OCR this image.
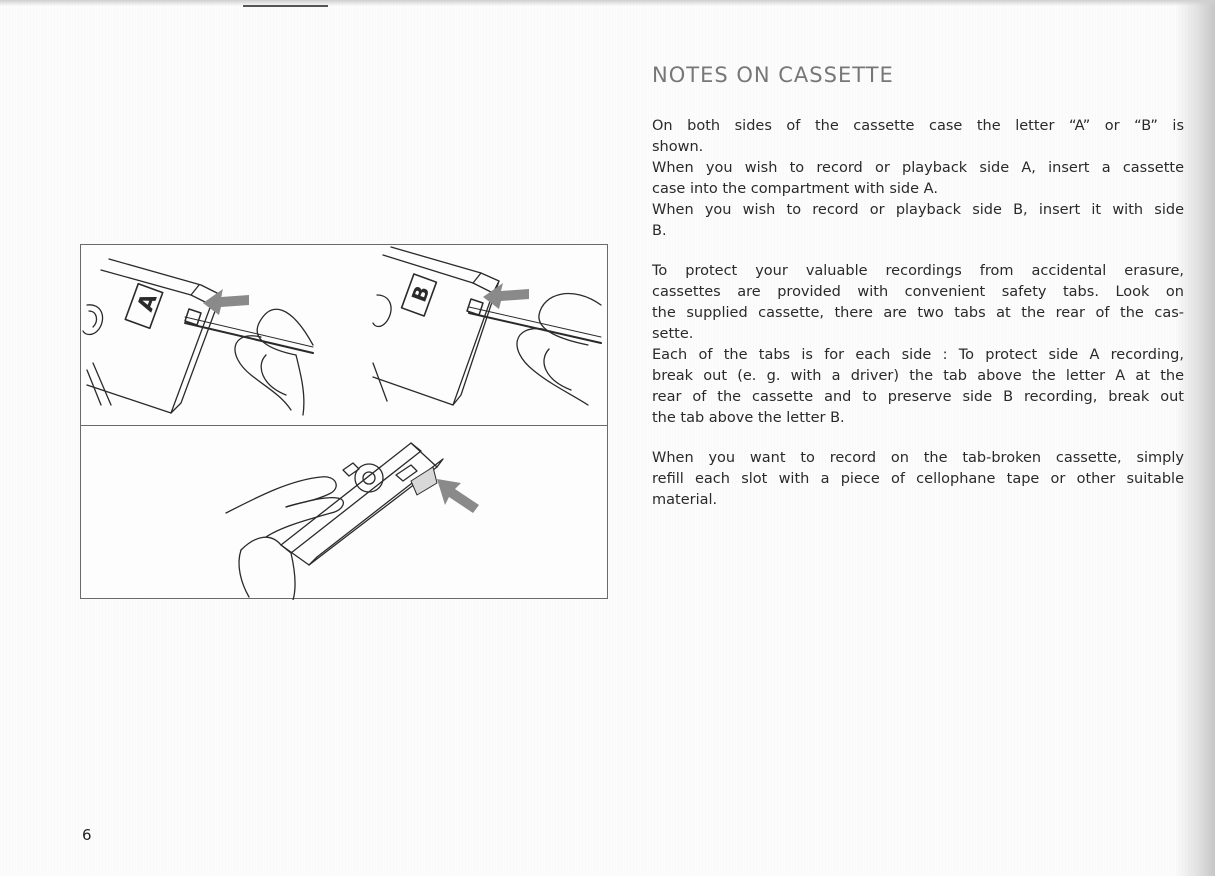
A	B
NOTES ON CASSETTE

On both sides of the cassette case the letter “A” or “B” is
shown.
When you wish to record or playback side A, insert a cassette
case into the compartment with side A.
When you wish to record or playback side B, insert it with side
B.

To protect your valuable recordings from accidental erasure,
cassettes are provided with convenient safety tabs. Look on
the supplied cassette, there are two tabs at the rear of the cas-
sette.
Each of the tabs is for each side : To protect side A recording,
break out (e. g. with a driver) the tab above the letter A at the
rear of the cassette and to preserve side B recording, break out
the tab above the letter B.

When you want to record on the tab-broken cassette, simply
refill each slot with a piece of cellophane tape or other suitable
material.

6
